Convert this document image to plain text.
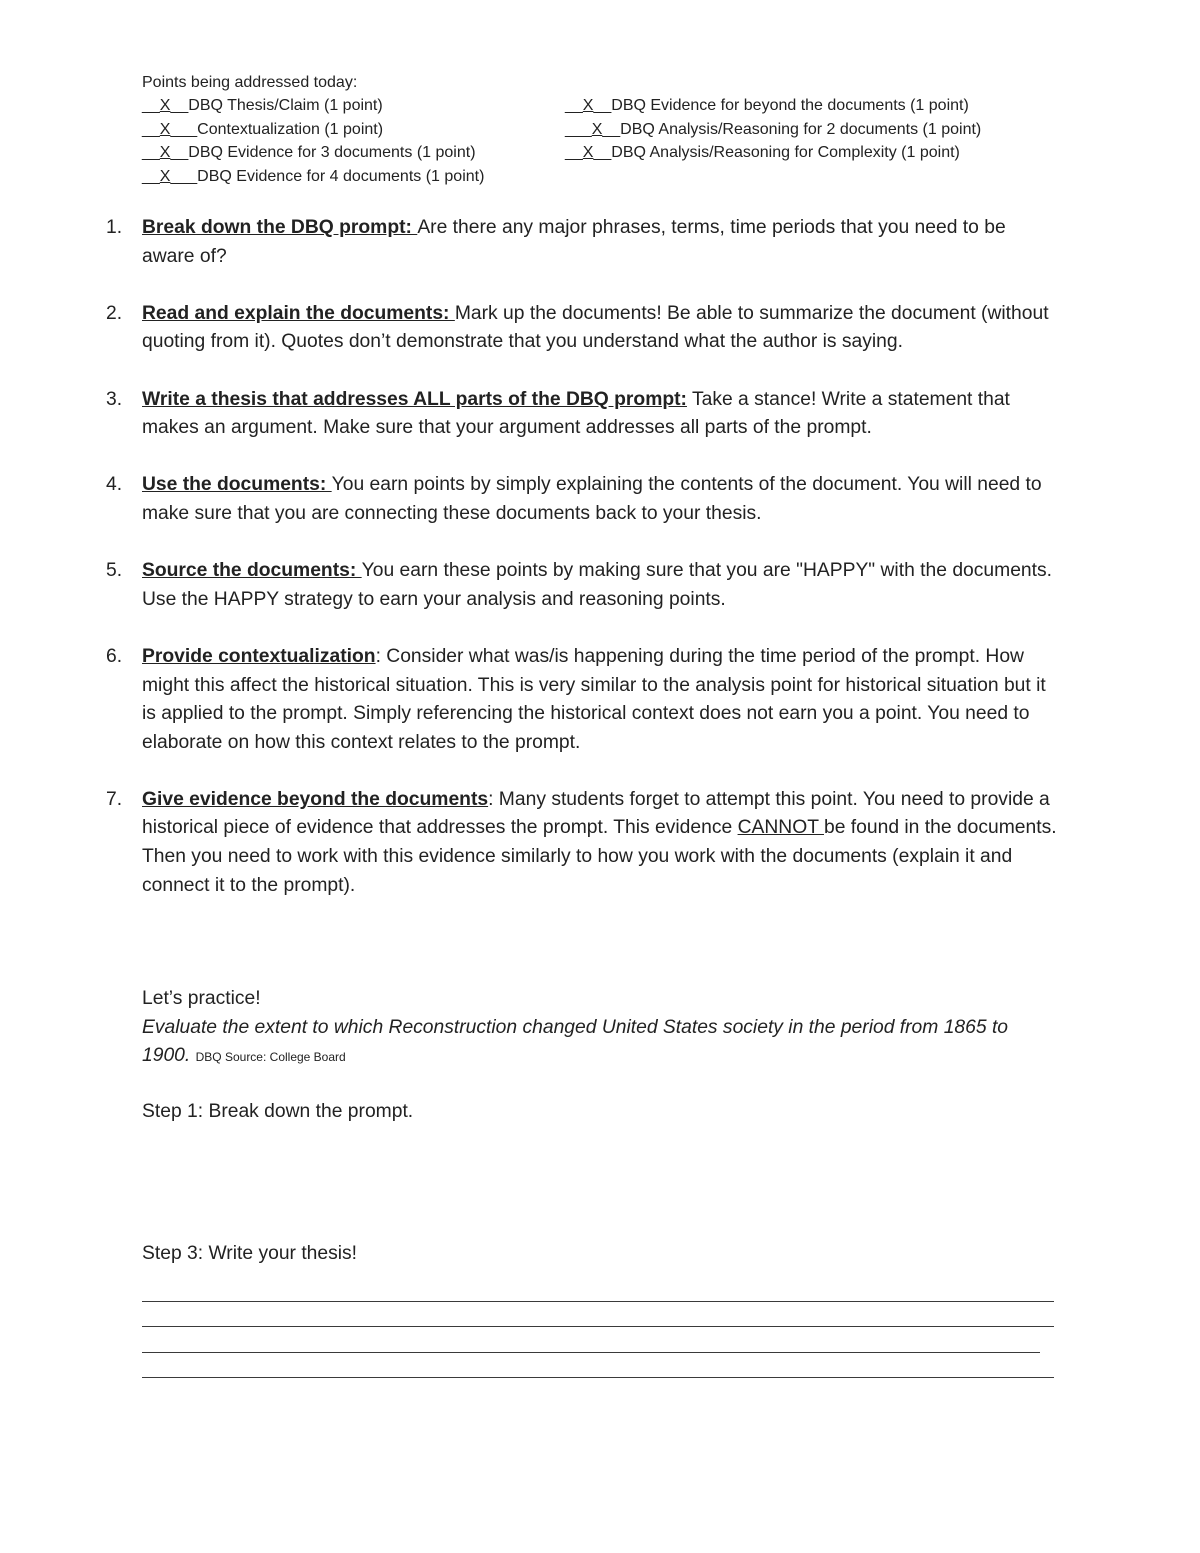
Points being addressed today:
__X__DBQ Thesis/Claim (1 point)
__X___Contextualization (1 point)
__X__DBQ Evidence for 3 documents (1 point)
__X___DBQ Evidence for 4 documents (1 point)
__X__DBQ Evidence for beyond the documents (1 point)
___X__DBQ Analysis/Reasoning for 2 documents (1 point)
__X__DBQ Analysis/Reasoning for Complexity (1 point)
1. Break down the DBQ prompt: Are there any major phrases, terms, time periods that you need to be aware of?
2. Read and explain the documents: Mark up the documents! Be able to summarize the document (without quoting from it). Quotes don’t demonstrate that you understand what the author is saying.
3. Write a thesis that addresses ALL parts of the DBQ prompt: Take a stance! Write a statement that makes an argument. Make sure that your argument addresses all parts of the prompt.
4. Use the documents: You earn points by simply explaining the contents of the document. You will need to make sure that you are connecting these documents back to your thesis.
5. Source the documents: You earn these points by making sure that you are "HAPPY" with the documents. Use the HAPPY strategy to earn your analysis and reasoning points.
6. Provide contextualization: Consider what was/is happening during the time period of the prompt. How might this affect the historical situation. This is very similar to the analysis point for historical situation but it is applied to the prompt. Simply referencing the historical context does not earn you a point. You need to elaborate on how this context relates to the prompt.
7. Give evidence beyond the documents: Many students forget to attempt this point. You need to provide a historical piece of evidence that addresses the prompt. This evidence CANNOT be found in the documents. Then you need to work with this evidence similarly to how you work with the documents (explain it and connect it to the prompt).
Let’s practice!
Evaluate the extent to which Reconstruction changed United States society in the period from 1865 to 1900. DBQ Source: College Board
Step 1: Break down the prompt.
Step 3: Write your thesis!
